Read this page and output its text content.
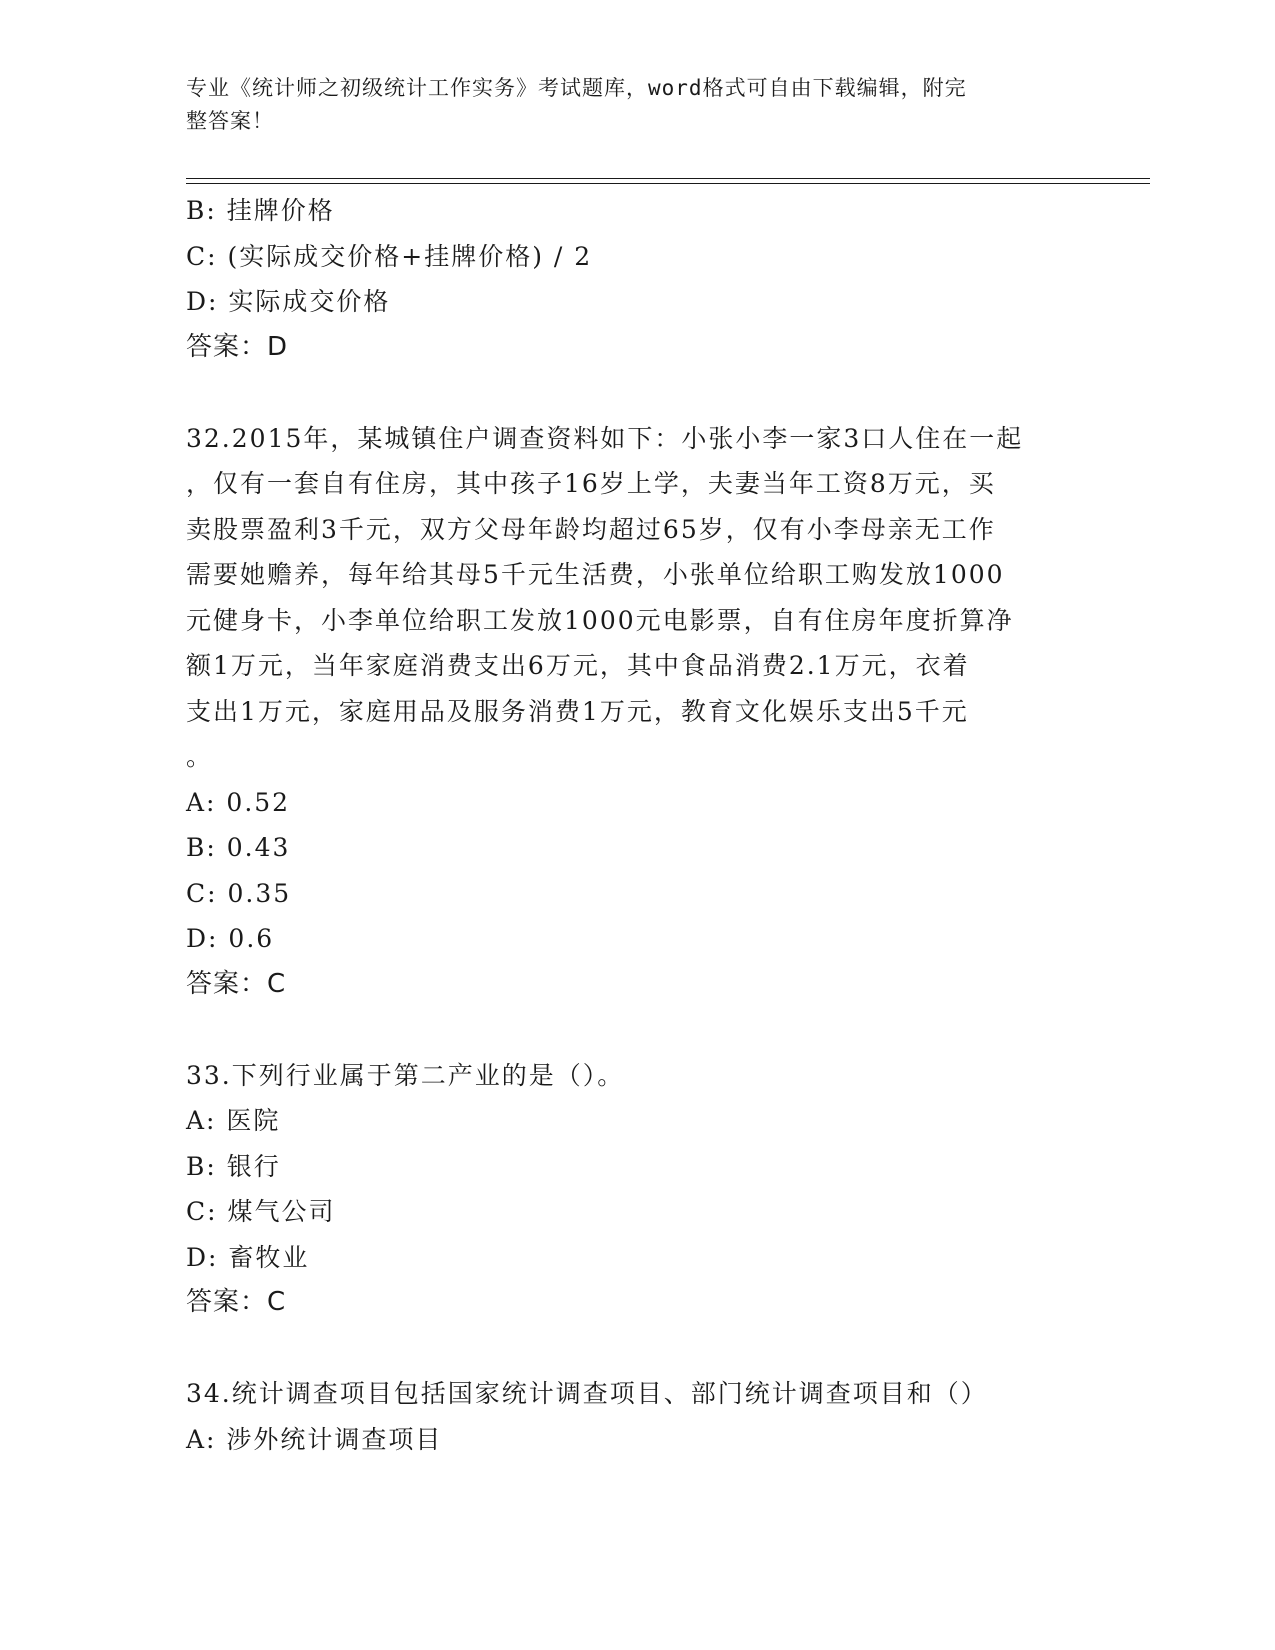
专业《统计师之初级统计工作实务》考试题库，word格式可自由下载编辑，附完
整答案！
B: 挂牌价格
C: (实际成交价格+挂牌价格) / 2
D: 实际成交价格
答案：D
32.2015年，某城镇住户调查资料如下：小张小李一家3口人住在一起
，仅有一套自有住房，其中孩子16岁上学，夫妻当年工资8万元，买
卖股票盈利3千元，双方父母年龄均超过65岁，仅有小李母亲无工作
需要她赡养，每年给其母5千元生活费，小张单位给职工购发放1000
元健身卡，小李单位给职工发放1000元电影票，自有住房年度折算净
额1万元，当年家庭消费支出6万元，其中食品消费2.1万元，衣着
支出1万元，家庭用品及服务消费1万元，教育文化娱乐支出5千元
。
A: 0.52
B: 0.43
C: 0.35
D: 0.6
答案：C
33.下列行业属于第二产业的是（）。
A: 医院
B: 银行
C: 煤气公司
D: 畜牧业
答案：C
34.统计调查项目包括国家统计调查项目、部门统计调查项目和（）
A: 涉外统计调查项目
